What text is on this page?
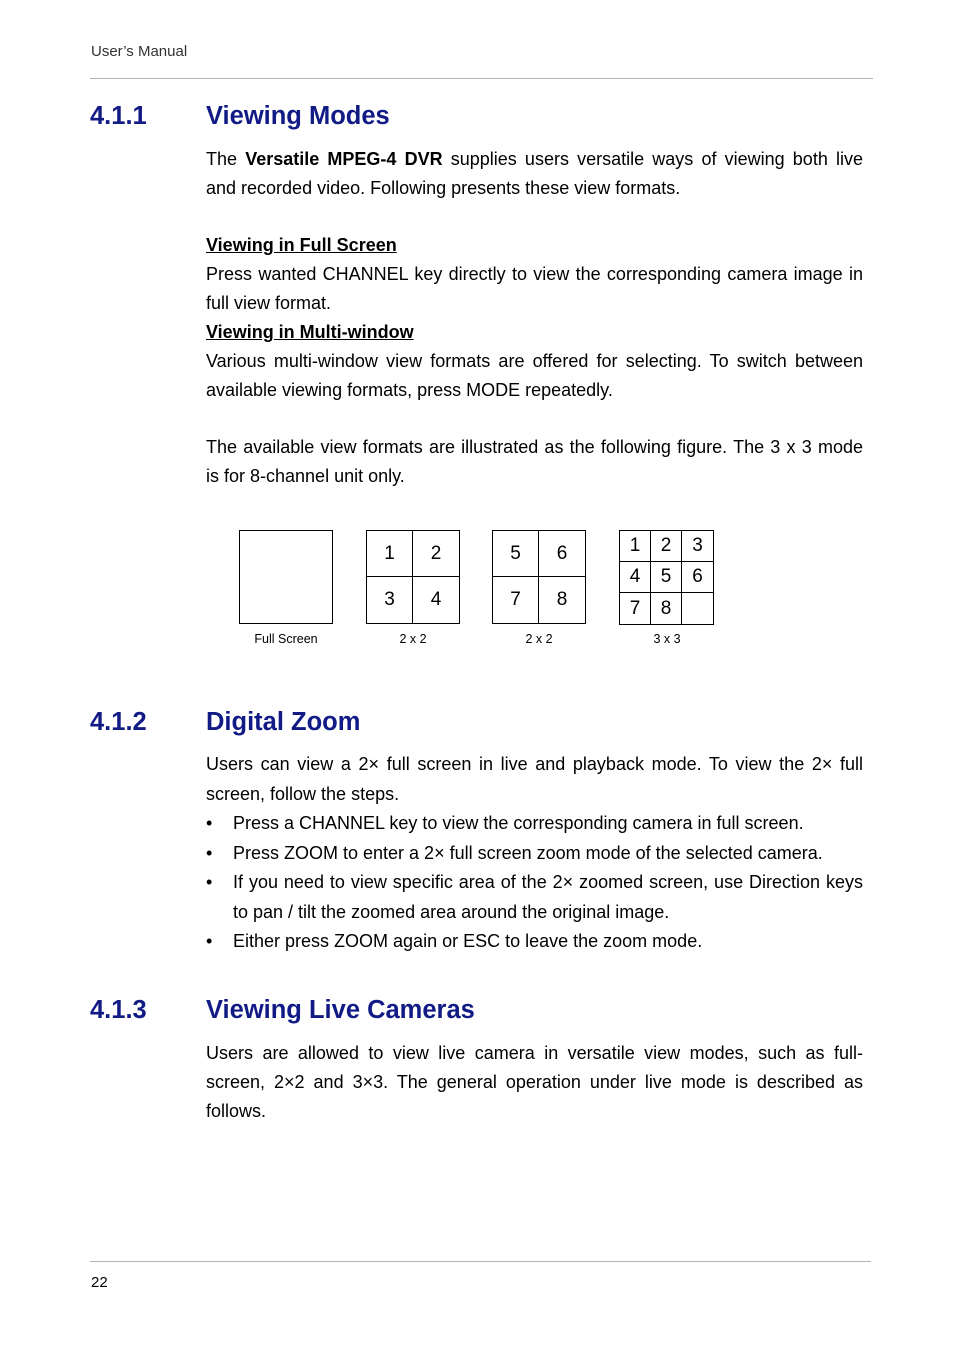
User’s Manual
4.1.1 Viewing Modes

The Versatile MPEG-4 DVR supplies users versatile ways of viewing both live and recorded video. Following presents these view formats.

Viewing in Full Screen

Press wanted CHANNEL key directly to view the corresponding camera image in full view format.

Viewing in Multi-window

Various multi-window view formats are offered for selecting. To switch between available viewing formats, press MODE repeatedly.

The available view formats are illustrated as the following figure. The 3 x 3 mode is for 8-channel unit only.

Full Screen
1	2
3	4
2 x 2
5	6
7	8
2 x 2
1	2	3
4	5	6
7	8
3 x 3
4.1.2 Digital Zoom

Users can view a 2× full screen in live and playback mode. To view the 2× full screen, follow the steps.

• Press a CHANNEL key to view the corresponding camera in full screen.
• Press ZOOM to enter a 2× full screen zoom mode of the selected camera.
• If you need to view specific area of the 2× zoomed screen, use Direction keys to pan / tilt the zoomed area around the original image.
• Either press ZOOM again or ESC to leave the zoom mode.
4.1.3 Viewing Live Cameras

Users are allowed to view live camera in versatile view modes, such as full-screen, 2×2 and 3×3. The general operation under live mode is described as follows.

22
